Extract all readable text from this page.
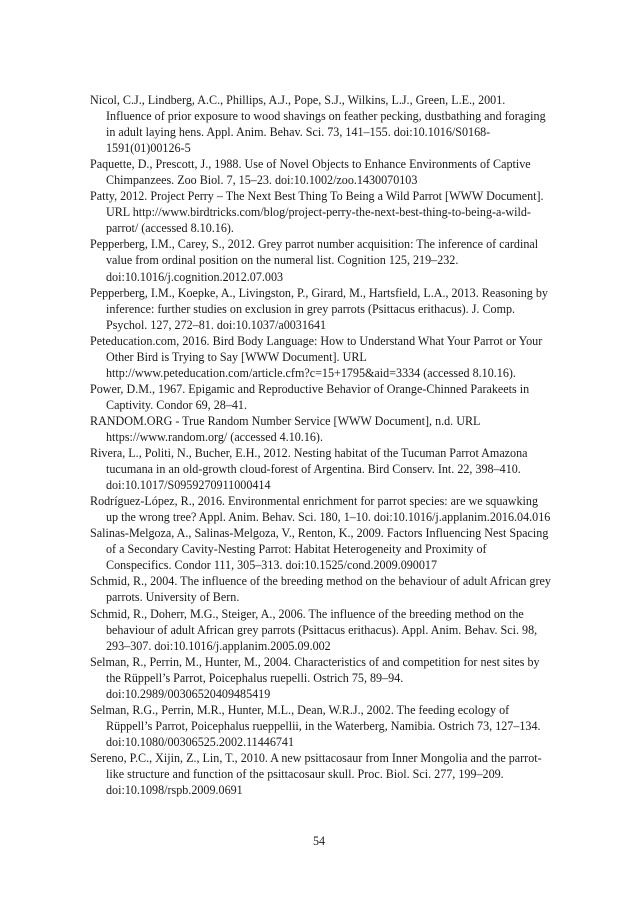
Nicol, C.J., Lindberg, A.C., Phillips, A.J., Pope, S.J., Wilkins, L.J., Green, L.E., 2001. Influence of prior exposure to wood shavings on feather pecking, dustbathing and foraging in adult laying hens. Appl. Anim. Behav. Sci. 73, 141–155. doi:10.1016/S0168-1591(01)00126-5
Paquette, D., Prescott, J., 1988. Use of Novel Objects to Enhance Environments of Captive Chimpanzees. Zoo Biol. 7, 15–23. doi:10.1002/zoo.1430070103
Patty, 2012. Project Perry – The Next Best Thing To Being a Wild Parrot [WWW Document]. URL http://www.birdtricks.com/blog/project-perry-the-next-best-thing-to-being-a-wild-parrot/ (accessed 8.10.16).
Pepperberg, I.M., Carey, S., 2012. Grey parrot number acquisition: The inference of cardinal value from ordinal position on the numeral list. Cognition 125, 219–232. doi:10.1016/j.cognition.2012.07.003
Pepperberg, I.M., Koepke, A., Livingston, P., Girard, M., Hartsfield, L.A., 2013. Reasoning by inference: further studies on exclusion in grey parrots (Psittacus erithacus). J. Comp. Psychol. 127, 272–81. doi:10.1037/a0031641
Peteducation.com, 2016. Bird Body Language: How to Understand What Your Parrot or Your Other Bird is Trying to Say [WWW Document]. URL http://www.peteducation.com/article.cfm?c=15+1795&aid=3334 (accessed 8.10.16).
Power, D.M., 1967. Epigamic and Reproductive Behavior of Orange-Chinned Parakeets in Captivity. Condor 69, 28–41.
RANDOM.ORG - True Random Number Service [WWW Document], n.d. URL https://www.random.org/ (accessed 4.10.16).
Rivera, L., Politi, N., Bucher, E.H., 2012. Nesting habitat of the Tucuman Parrot Amazona tucumana in an old-growth cloud-forest of Argentina. Bird Conserv. Int. 22, 398–410. doi:10.1017/S0959270911000414
Rodríguez-López, R., 2016. Environmental enrichment for parrot species: are we squawking up the wrong tree? Appl. Anim. Behav. Sci. 180, 1–10. doi:10.1016/j.applanim.2016.04.016
Salinas-Melgoza, A., Salinas-Melgoza, V., Renton, K., 2009. Factors Influencing Nest Spacing of a Secondary Cavity-Nesting Parrot: Habitat Heterogeneity and Proximity of Conspecifics. Condor 111, 305–313. doi:10.1525/cond.2009.090017
Schmid, R., 2004. The influence of the breeding method on the behaviour of adult African grey parrots. University of Bern.
Schmid, R., Doherr, M.G., Steiger, A., 2006. The influence of the breeding method on the behaviour of adult African grey parrots (Psittacus erithacus). Appl. Anim. Behav. Sci. 98, 293–307. doi:10.1016/j.applanim.2005.09.002
Selman, R., Perrin, M., Hunter, M., 2004. Characteristics of and competition for nest sites by the Rüppell’s Parrot, Poicephalus ruepelli. Ostrich 75, 89–94. doi:10.2989/00306520409485419
Selman, R.G., Perrin, M.R., Hunter, M.L., Dean, W.R.J., 2002. The feeding ecology of Rüppell’s Parrot, Poicephalus rueppellii, in the Waterberg, Namibia. Ostrich 73, 127–134. doi:10.1080/00306525.2002.11446741
Sereno, P.C., Xijin, Z., Lin, T., 2010. A new psittacosaur from Inner Mongolia and the parrot-like structure and function of the psittacosaur skull. Proc. Biol. Sci. 277, 199–209. doi:10.1098/rspb.2009.0691
54
